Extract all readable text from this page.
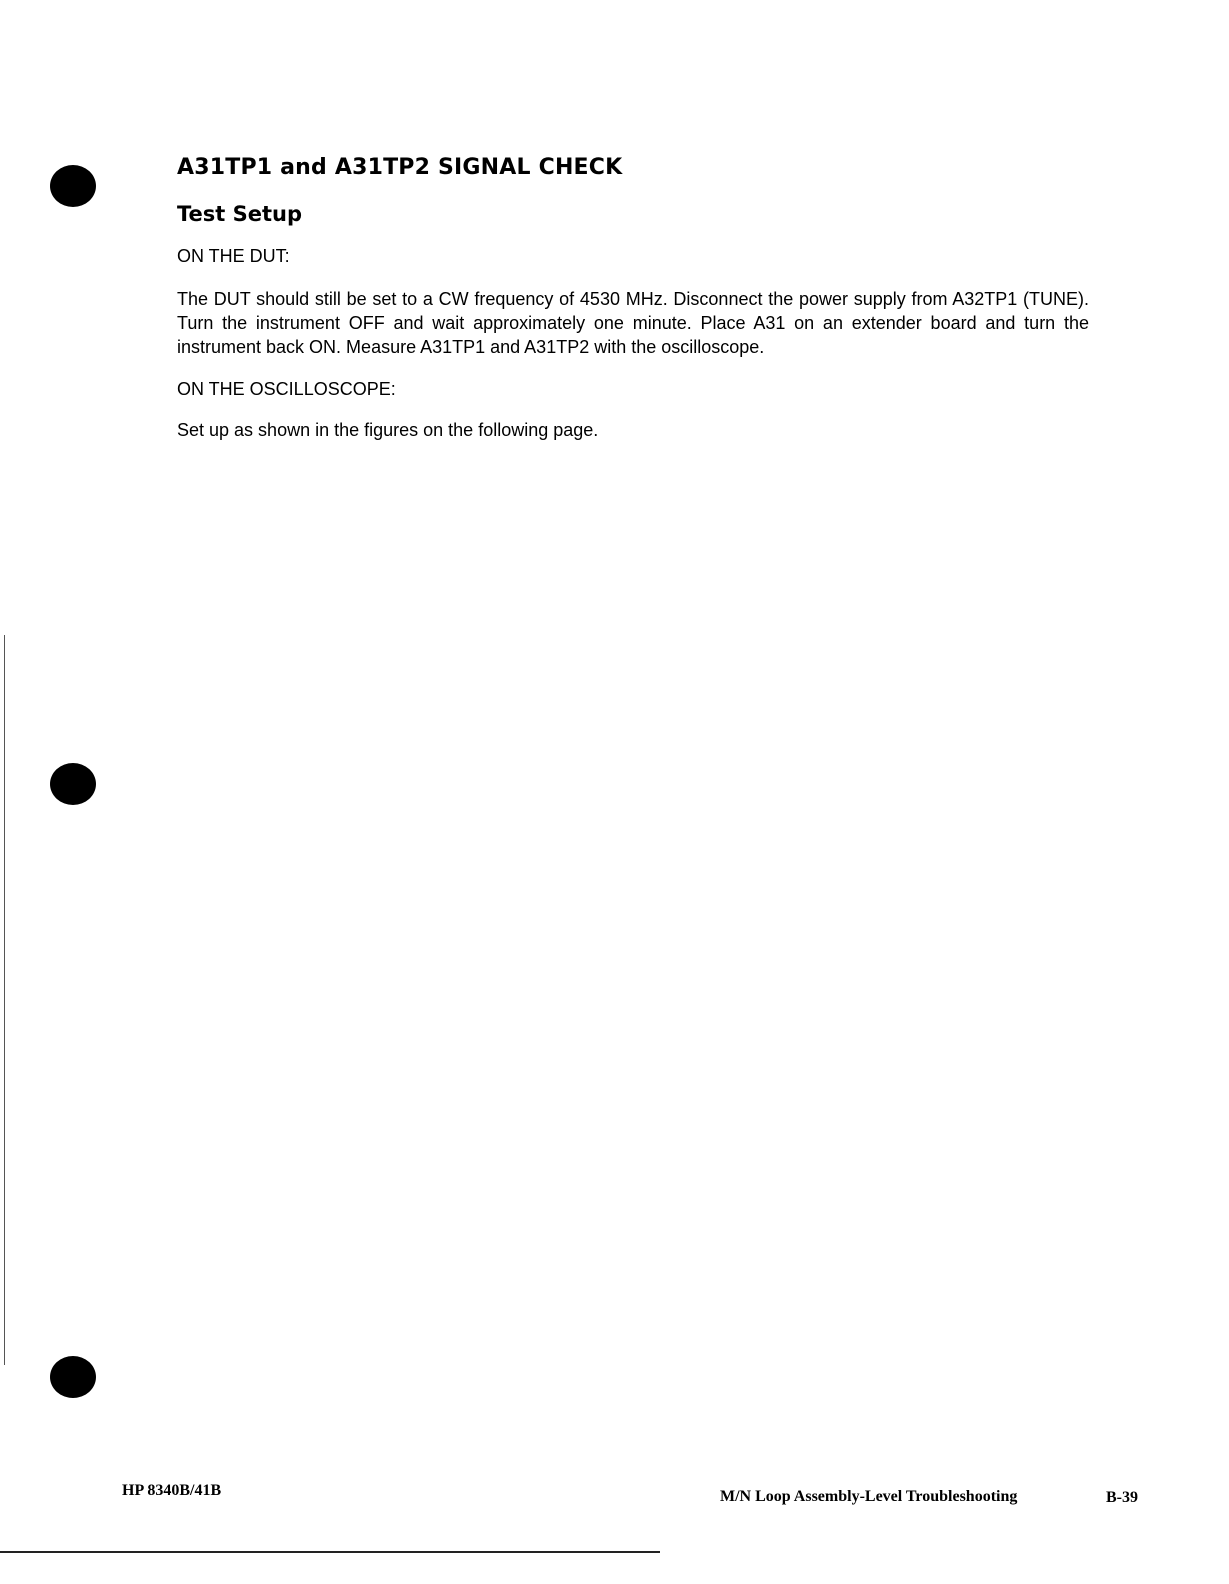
A31TP1 and A31TP2 SIGNAL CHECK
Test Setup

ON THE DUT:

The DUT should still be set to a CW frequency of 4530 MHz. Disconnect the power supply from A32TP1 (TUNE). Turn the instrument OFF and wait approximately one minute. Place A31 on an extender board and turn the instrument back ON. Measure A31TP1 and A31TP2 with the oscilloscope.

ON THE OSCILLOSCOPE:

Set up as shown in the figures on the following page.

HP 8340B/41B	M/N Loop Assembly-Level Troubleshooting	B-39
